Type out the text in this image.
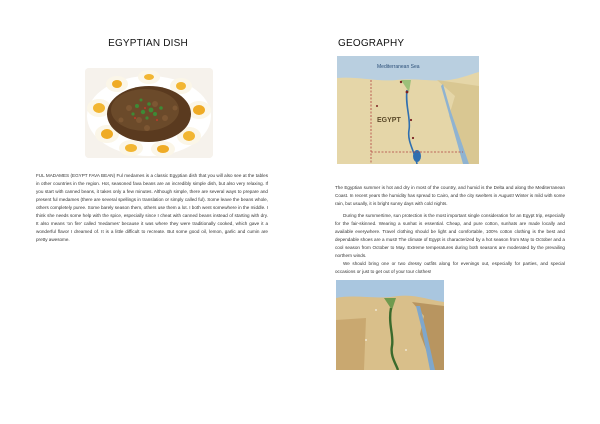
EGYPTIAN DISH
FUL MADAMES (EGYPT FAVA BEAN) Ful medames is a classic Egyptian dish that you will also see at the tables in other countries in the region. Hot, seasoned fava beans are an incredibly simple dish, but also very relaxing. If you start with canned beans, it takes only a few minutes. Although simple, there are several ways to prepare and present ful medames (there are several spellings in translation or simply called ful). Some leave the beans whole, others completely puree. Some barely season them, others use them a lot. I both went somewhere in the middle. I think she needs some help with the spice, especially since I cheat with canned beans instead of starting with dry. It also means 'on fire' called 'medames' because it was where they were traditionally cooked, which gave it a wonderful flavor I dreamed of. It is a little difficult to recreate. But some good oil, lemon, garlic and cumin are pretty awesome.
GEOGRAPHY
Mediterranean Sea
EGYPT
The Egyptian summer is hot and dry in most of the country, and humid is the Delta and along the Mediterranean Coast. In recent years the humidity has spread to Cairo, and the city swelters in August! Winter is mild with some rain, but usually, it is bright sunny days with cold nights.
During the summertime, sun protection is the most important single consideration for an Egypt trip, especially for the fair-skinned. Wearing a sunhat is essential. Cheap, and pure cotton, sunhats are made locally and available everywhere. Travel clothing should be light and comfortable, 100% cotton clothing is the best and dependable shoes are a must! The climate of Egypt is characterized by a hot season from May to October and a cool season from October to May. Extreme temperatures during both seasons are moderated by the prevailing northern winds.
We should bring one or two dressy outfits along for evenings out, especially for parties, and special occasions or just to get out of your tour clothes!
